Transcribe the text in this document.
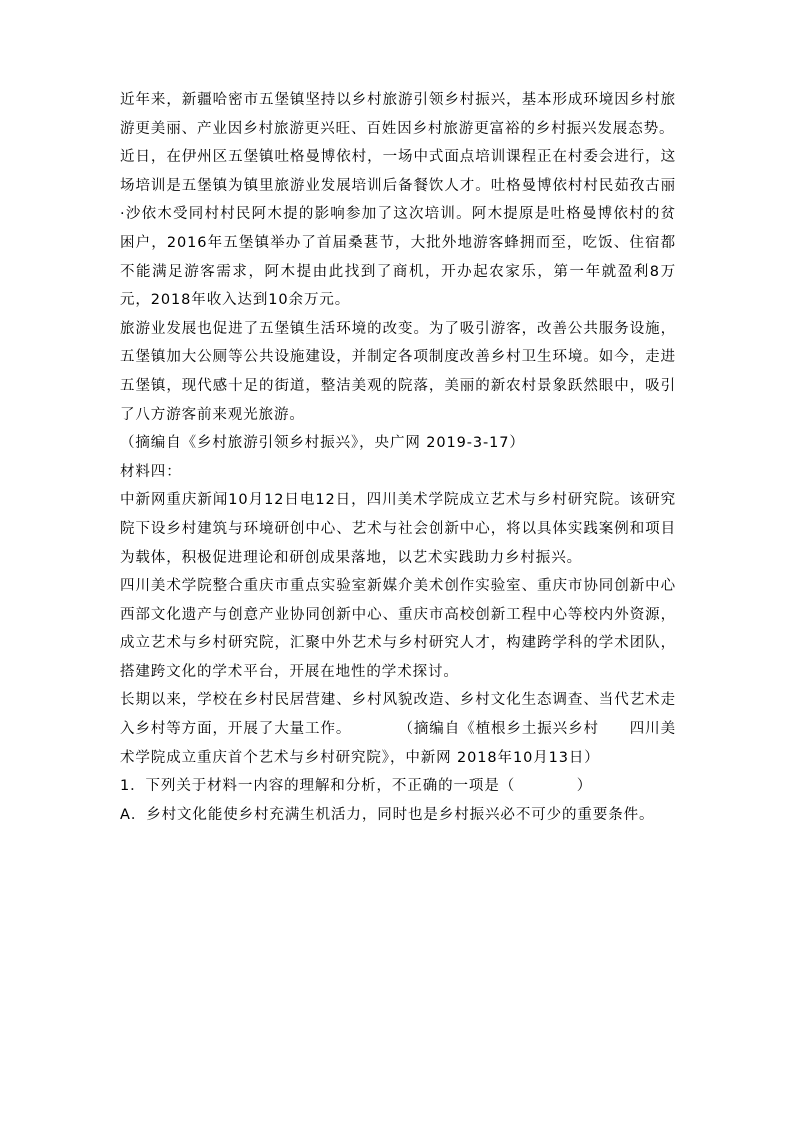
近年来，新疆哈密市五堡镇坚持以乡村旅游引领乡村振兴，基本形成环境因乡村旅游更美丽、产业因乡村旅游更兴旺、百姓因乡村旅游更富裕的乡村振兴发展态势。

近日，在伊州区五堡镇吐格曼博依村，一场中式面点培训课程正在村委会进行，这场培训是五堡镇为镇里旅游业发展培训后备餐饮人才。吐格曼博依村村民茹孜古丽·沙依木受同村村民阿木提的影响参加了这次培训。阿木提原是吐格曼博依村的贫困户，2016年五堡镇举办了首届桑葚节，大批外地游客蜂拥而至，吃饭、住宿都不能满足游客需求，阿木提由此找到了商机，开办起农家乐，第一年就盈利8万元，2018年收入达到10余万元。

旅游业发展也促进了五堡镇生活环境的改变。为了吸引游客，改善公共服务设施，五堡镇加大公厕等公共设施建设，并制定各项制度改善乡村卫生环境。如今，走进五堡镇，现代感十足的街道，整洁美观的院落，美丽的新农村景象跃然眼中，吸引了八方游客前来观光旅游。

（摘编自《乡村旅游引领乡村振兴》，央广网 2019-3-17）

材料四：

中新网重庆新闻10月12日电12日，四川美术学院成立艺术与乡村研究院。该研究院下设乡村建筑与环境研创中心、艺术与社会创新中心，将以具体实践案例和项目为载体，积极促进理论和研创成果落地，以艺术实践助力乡村振兴。

四川美术学院整合重庆市重点实验室新媒介美术创作实验室、重庆市协同创新中心西部文化遗产与创意产业协同创新中心、重庆市高校创新工程中心等校内外资源，成立艺术与乡村研究院，汇聚中外艺术与乡村研究人才，构建跨学科的学术团队，搭建跨文化的学术平台，开展在地性的学术探讨。

长期以来，学校在乡村民居营建、乡村风貌改造、乡村文化生态调查、当代艺术走入乡村等方面，开展了大量工作。　　　　（摘编自《植根乡土振兴乡村　　四川美术学院成立重庆首个艺术与乡村研究院》，中新网 2018年10月13日）

1．下列关于材料一内容的理解和分析，不正确的一项是（　　　　）

A．乡村文化能使乡村充满生机活力，同时也是乡村振兴必不可少的重要条件。
